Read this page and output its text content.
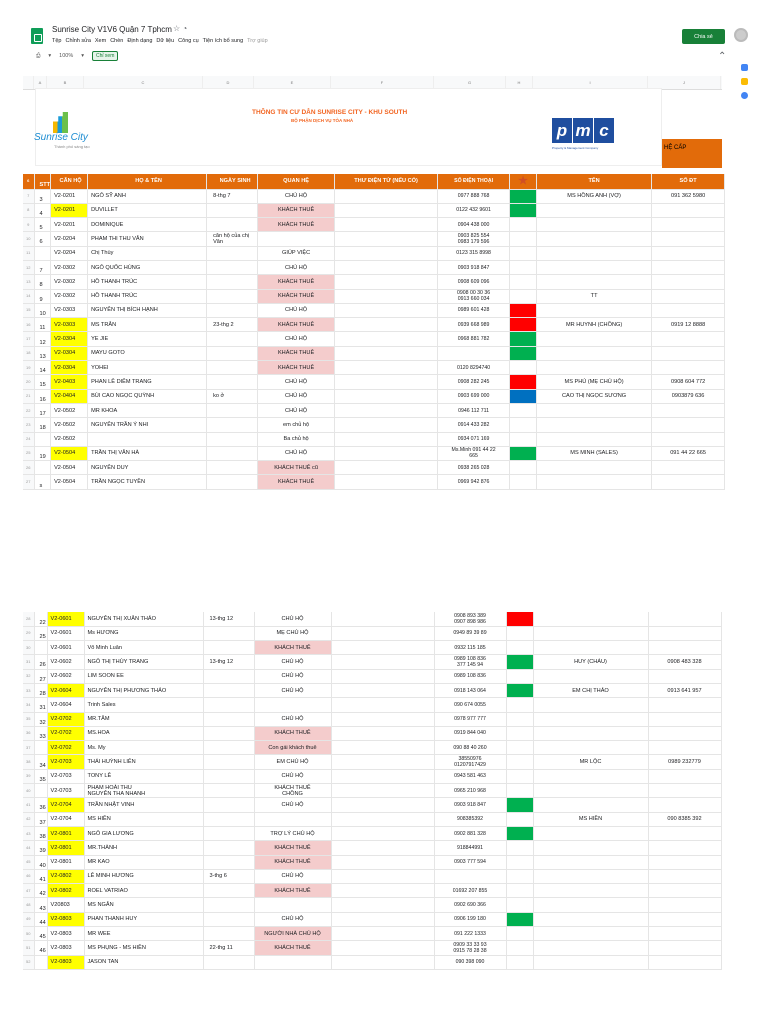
Sunrise City V1V6 Quận 7 Tphcm ☆ ◔
Tệp Chỉnh sửa Xem Chèn Định dạng Dữ liệu Công cụ Tiện ích bổ sung Trợ giúp
Chia sẻ
⎙ ▾ 100% ▾	Chỉ xem	⌃
A	B	C	D	E	F	G	H	I	J
Sunrise City
Thành phố sáng tạo
THÔNG TIN CƯ DÂN SUNRISE CITY - KHU SOUTH
BỘ PHẬN DỊCH VỤ TÒA NHÀ
p m c
Property & Management Company	HỆ CẤP
6	STT	CĂN HỘ	HỌ & TÊN	NGÀY SINH	QUAN HỆ	THƯ ĐIỆN TỬ (NẾU CÓ)	SỐ ĐIỆN THOẠI	★	TÊN	SỐ ĐT
7	3	V2-0201	NGÔ SỸ ANH	8-thg 7	CHỦ HỘ		0977 888 768		MS HỒNG ANH (VỢ)	091 362 5980
8	4	V2-0201	DUVILLET		KHÁCH THUÊ		0122 432 9601			
9	5	V2-0201	DOMINIQUE		KHÁCH THUÊ		0904 438 000			
10	6	V2-0204	PHAM THI THU VÂN	căn hộ của chị Vân			0903 825 554
0983 179 596			
11		V2-0204	Chị Thùy		GIÚP VIỆC		0123 315 8998			
12	7	V2-0302	NGÔ QUỐC HÙNG		CHỦ HỘ		0903 918 847			
13	8	V2-0302	HỒ THANH TRÚC		KHÁCH THUÊ		0908 609 096			
14	9	V2-0302	HỒ THANH TRÚC		KHÁCH THUÊ		0908 00 30 36
0913 660 034		TT	
15	10	V2-0303	NGUYỄN THỊ BÍCH HẠNH		CHỦ HỘ		0989 601 428			
16	11	V2-0303	MS TRÂN	23-thg 2	KHÁCH THUÊ		0939 668 989		MR HUYNH (CHỒNG)	0919 12 8888
17	12	V2-0304	YE JIE		CHỦ HỘ		0968 881 782			
18	13	V2-0304	MAYU GOTO		KHÁCH THUÊ					
19	14	V2-0304	YOHEI		KHÁCH THUÊ		0120 8294740			
20	15	V2-0403	PHAN LÊ DIỄM TRANG		CHỦ HỘ		0908 282 245		MS PHÚ (MẸ CHỦ HỘ)	0908 604 772
21	16	V2-0404	BÙI CAO NGỌC QUỲNH	ko ở	CHỦ HỘ		0903 699 000		CAO THỊ NGỌC SƯƠNG	0903879 636
22	17	V2-0502	MR KHOA		CHỦ HỘ		0946 112 711			
23	18	V2-0502	NGUYỄN TRẦN Ý NHI		em chủ hộ		0914 433 282			
24		V2-0502			Ba chủ hộ		0934 071 169			
25	19	V2-0504	TRẦN THỊ VÂN HÀ		CHỦ HỘ		Ms.Minh 091 44 22
665		MS MINH (SALES)	091 44 22 665
26		V2-0504	NGUYỄN DUY		KHÁCH THUÊ cũ		0938 265 028			
27	s	V2-0504	TRẦN NGỌC TUYỀN		KHÁCH THUÊ		0969 942 876			
28	22	V2-0601	NGUYỄN THỊ XUÂN THẢO	13-thg 12	CHỦ HỘ		0908 893 389
0907 898 986			
29	25	V2-0601	Ms HƯƠNG		MẸ CHỦ HỘ		0949 89 39 89			
30		V2-0601	Võ Minh Luân		KHÁCH THUÊ		0932 115 185			
31	26	V2-0602	NGÔ THỊ THÙY TRANG	13-thg 12	CHỦ HỘ		0989 108 836
377 145 94		HUY (CHÁU)	0908 483 328
32	27	V2-0602	LIM SOON EE		CHỦ HỘ		0989 108 836			
33	28	V2-0604	NGUYỄN THỊ PHƯƠNG THẢO		CHỦ HỘ		0918 143 064		EM CHỊ THẢO	0913 641 957
34	31	V2-0604	Trinh Sales				090 674 0055			
35	32	V2-0702	MR.TÂM		CHỦ HỘ		0978 977 777			
36	33	V2-0702	MS.HOA		KHÁCH THUÊ		0919 844 040			
37		V2-0702	Ms. My		Con gái khách thuê		090 88 40 260			
38	34	V2-0703	THÁI HUỲNH LIÊN		EM CHỦ HỘ		38550976
01207917429		MR LỘC	0989 232779
39	35	V2-0703	TONY LÊ		CHỦ HỘ		0943 581 463			
40		V2-0703	PHẠM HOÀI THU
NGUYỄN THA NHANH		KHÁCH THUÊ
CHỒNG		0965 210 968			
41	36	V2-0704	TRẦN NHẬT VINH		CHỦ HỘ		0903 918 847			
42	37	V2-0704	MS HIỀN				908385392		MS HIỀN	090 8385 392
43	38	V2-0801	NGÔ GIA LƯƠNG		TRỢ LÝ CHỦ HỘ		0902 881 328			
44	39	V2-0801	MR.THÀNH		KHÁCH THUÊ		918844991			
45	40	V2-0801	MR KAO		KHÁCH THUÊ		0903 777 594			
46	41	V2-0802	LÊ MINH HƯƠNG	3-thg 6	CHỦ HỘ					
47	42	V2-0802	ROEL VATRIAO		KHÁCH THUÊ		01692 207 855			
48	43	V20803	MS NGÂN				0902 690 366			
49	44	V2-0803	PHAN THANH HUY		CHỦ HỘ		0906 199 180			
50	45	V2-0803	MR WEE		NGƯỜI NHÀ CHỦ HỘ		091 222 1333			
51	46	V2-0803	MS PHỤNG - MS HIỀN	22-thg 11	KHÁCH THUÊ		0909 33 33 93
0915 78 28 38			
52		V2-0803	JASON TAN				090 398 090			
